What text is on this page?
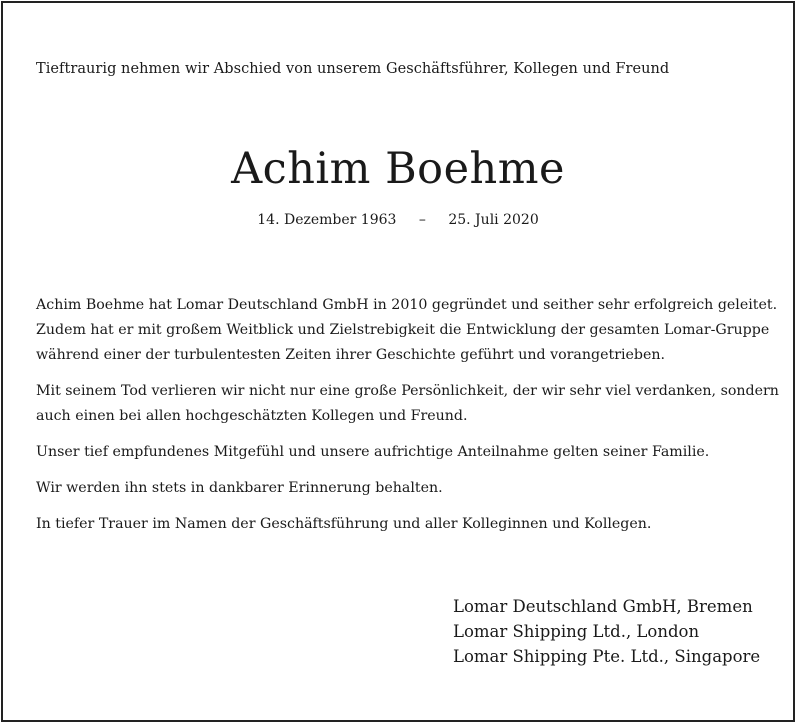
Tieftraurig nehmen wir Abschied von unserem Geschäftsführer, Kollegen und Freund
Achim Boehme
14. Dezember 1963 – 25. Juli 2020

Achim Boehme hat Lomar Deutschland GmbH in 2010 gegründet und seither sehr erfolgreich geleitet.
Zudem hat er mit großem Weitblick und Zielstrebigkeit die Entwicklung der gesamten Lomar-Gruppe
während einer der turbulentesten Zeiten ihrer Geschichte geführt und vorangetrieben.

Mit seinem Tod verlieren wir nicht nur eine große Persönlichkeit, der wir sehr viel verdanken, sondern
auch einen bei allen hochgeschätzten Kollegen und Freund.

Unser tief empfundenes Mitgefühl und unsere aufrichtige Anteilnahme gelten seiner Familie.

Wir werden ihn stets in dankbarer Erinnerung behalten.

In tiefer Trauer im Namen der Geschäftsführung und aller Kolleginnen und Kollegen.

Lomar Deutschland GmbH, Bremen
Lomar Shipping Ltd., London
Lomar Shipping Pte. Ltd., Singapore
